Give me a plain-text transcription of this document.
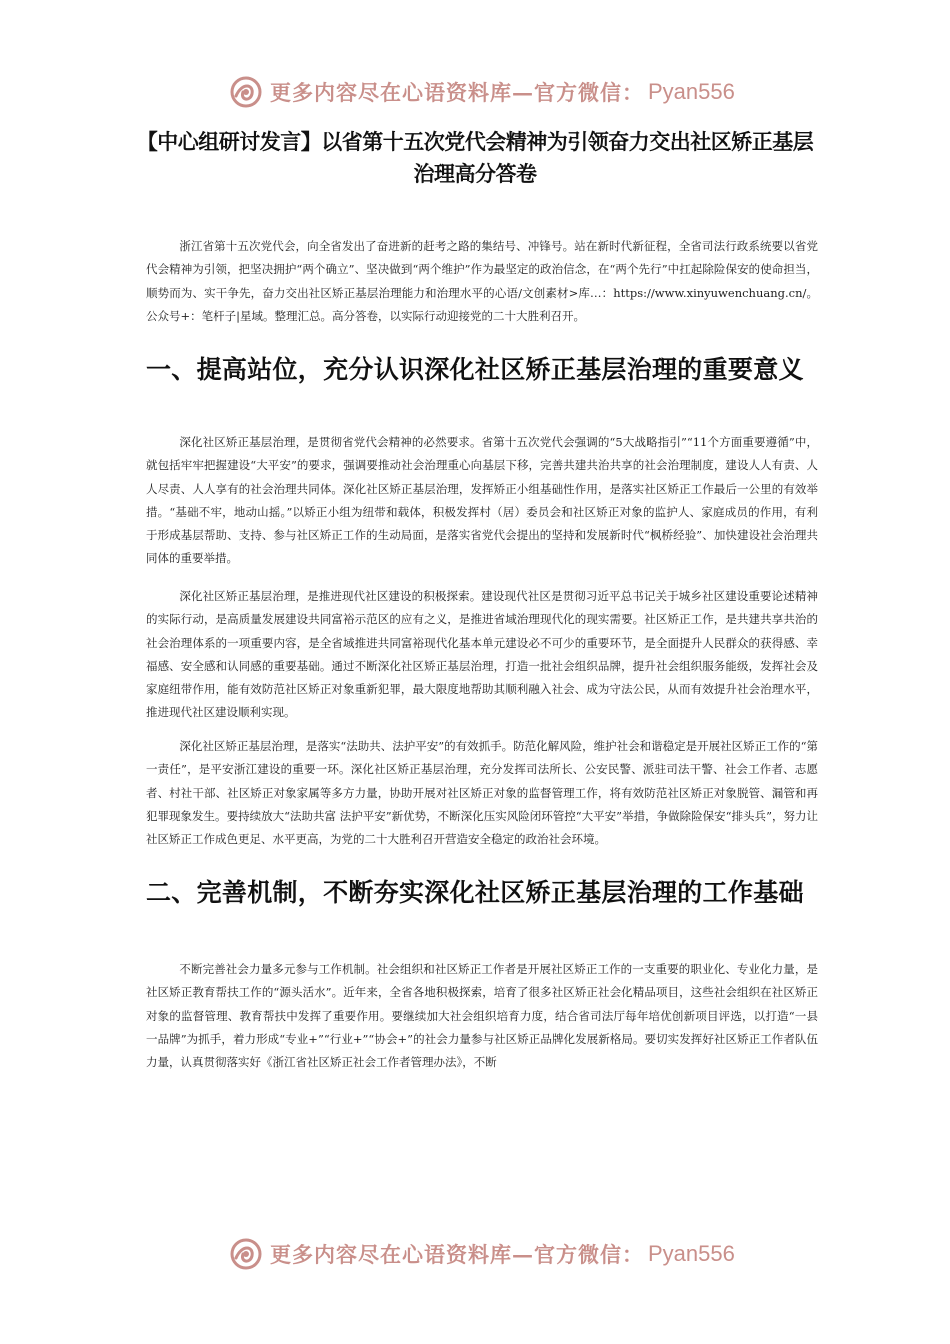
更多内容尽在心语资料库—官方微信： Pyan556
【中心组研讨发言】以省第十五次党代会精神为引领奋力交出社区矫正基层治理高分答卷

浙江省第十五次党代会，向全省发出了奋进新的赶考之路的集结号、冲锋号。站在新时代新征程，全省司法行政系统要以省党代会精神为引领，把坚决拥护“两个确立”、坚决做到“两个维护”作为最坚定的政治信念，在“两个先行”中扛起除险保安的使命担当，顺势而为、实干争先，奋力交出社区矫正基层治理能力和治理水平的心语/文创素材>库…：https://www.xinyuwenchuang.cn/。公众号+：笔杆子|星域。整理汇总。高分答卷，以实际行动迎接党的二十大胜利召开。

一、提高站位，充分认识深化社区矫正基层治理的重要意义

深化社区矫正基层治理，是贯彻省党代会精神的必然要求。省第十五次党代会强调的“5大战略指引”“11个方面重要遵循”中，就包括牢牢把握建设“大平安”的要求，强调要推动社会治理重心向基层下移，完善共建共治共享的社会治理制度，建设人人有责、人人尽责、人人享有的社会治理共同体。深化社区矫正基层治理，发挥矫正小组基础性作用，是落实社区矫正工作最后一公里的有效举措。“基础不牢，地动山摇。”以矫正小组为纽带和载体，积极发挥村（居）委员会和社区矫正对象的监护人、家庭成员的作用，有利于形成基层帮助、支持、参与社区矫正工作的生动局面，是落实省党代会提出的坚持和发展新时代“枫桥经验”、加快建设社会治理共同体的重要举措。

深化社区矫正基层治理，是推进现代社区建设的积极探索。建设现代社区是贯彻习近平总书记关于城乡社区建设重要论述精神的实际行动，是高质量发展建设共同富裕示范区的应有之义，是推进省域治理现代化的现实需要。社区矫正工作，是共建共享共治的社会治理体系的一项重要内容，是全省域推进共同富裕现代化基本单元建设必不可少的重要环节，是全面提升人民群众的获得感、幸福感、安全感和认同感的重要基础。通过不断深化社区矫正基层治理，打造一批社会组织品牌，提升社会组织服务能级，发挥社会及家庭纽带作用，能有效防范社区矫正对象重新犯罪，最大限度地帮助其顺利融入社会、成为守法公民，从而有效提升社会治理水平，推进现代社区建设顺利实现。

深化社区矫正基层治理，是落实“法助共、法护平安”的有效抓手。防范化解风险，维护社会和谐稳定是开展社区矫正工作的“第一责任”，是平安浙江建设的重要一环。深化社区矫正基层治理，充分发挥司法所长、公安民警、派驻司法干警、社会工作者、志愿者、村社干部、社区矫正对象家属等多方力量，协助开展对社区矫正对象的监督管理工作，将有效防范社区矫正对象脱管、漏管和再犯罪现象发生。要持续放大“法助共富 法护平安”新优势，不断深化压实风险闭环管控“大平安”举措，争做除险保安“排头兵”，努力让社区矫正工作成色更足、水平更高，为党的二十大胜利召开营造安全稳定的政治社会环境。

二、完善机制，不断夯实深化社区矫正基层治理的工作基础

不断完善社会力量多元参与工作机制。社会组织和社区矫正工作者是开展社区矫正工作的一支重要的职业化、专业化力量，是社区矫正教育帮扶工作的“源头活水”。近年来，全省各地积极探索，培育了很多社区矫正社会化精品项目，这些社会组织在社区矫正对象的监督管理、教育帮扶中发挥了重要作用。要继续加大社会组织培育力度，结合省司法厅每年培优创新项目评选，以打造“一县一品牌”为抓手，着力形成“专业+”“行业+”“协会+”的社会力量参与社区矫正品牌化发展新格局。要切实发挥好社区矫正工作者队伍力量，认真贯彻落实好《浙江省社区矫正社会工作者管理办法》，不断

更多内容尽在心语资料库—官方微信： Pyan556
